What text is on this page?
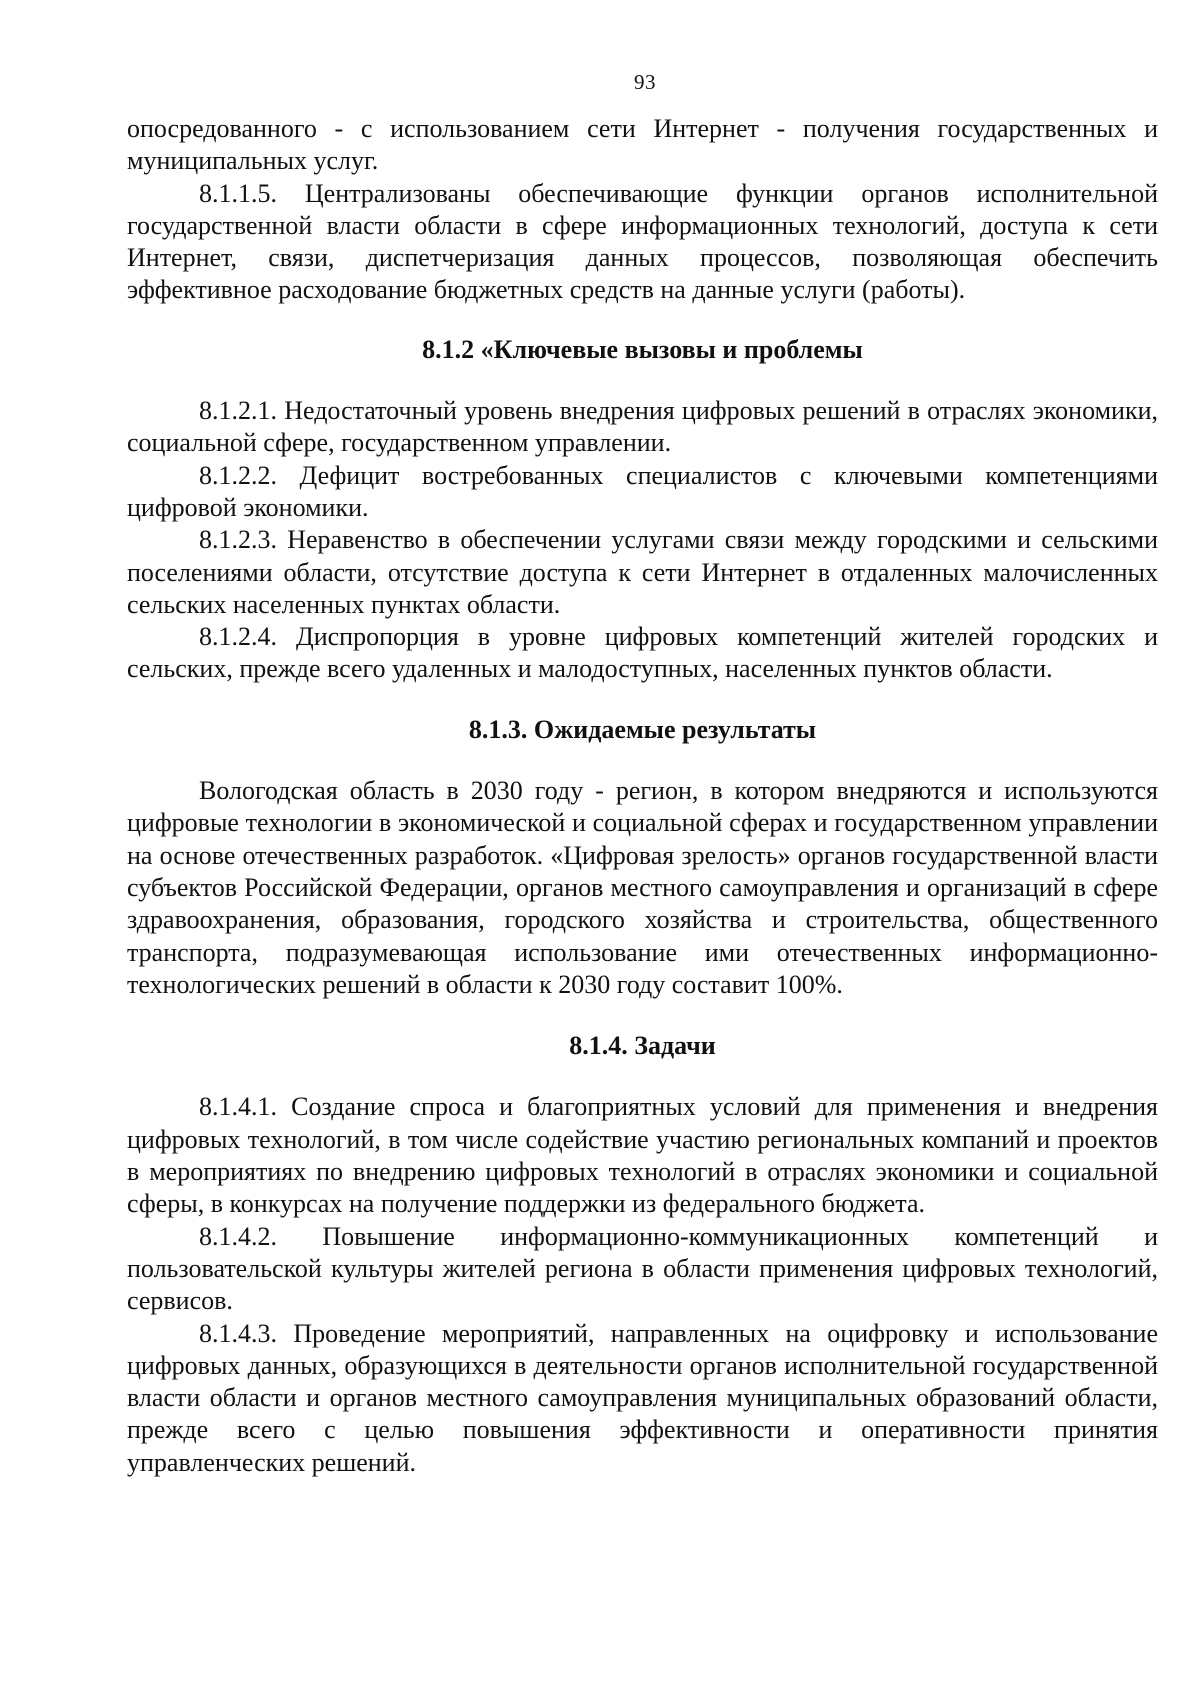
93

опосредованного - с использованием сети Интернет - получения государственных и муниципальных услуг.

8.1.1.5. Централизованы обеспечивающие функции органов исполнительной государственной власти области в сфере информационных технологий, доступа к сети Интернет, связи, диспетчеризация данных процессов, позволяющая обеспечить эффективное расходование бюджетных средств на данные услуги (работы).

8.1.2 «Ключевые вызовы и проблемы

8.1.2.1. Недостаточный уровень внедрения цифровых решений в отраслях экономики, социальной сфере, государственном управлении.

8.1.2.2. Дефицит востребованных специалистов с ключевыми компетенциями цифровой экономики.

8.1.2.3. Неравенство в обеспечении услугами связи между городскими и сельскими поселениями области, отсутствие доступа к сети Интернет в отдаленных малочисленных сельских населенных пунктах области.

8.1.2.4. Диспропорция в уровне цифровых компетенций жителей городских и сельских, прежде всего удаленных и малодоступных, населенных пунктов области.

8.1.3. Ожидаемые результаты

Вологодская область в 2030 году - регион, в котором внедряются и используются цифровые технологии в экономической и социальной сферах и государственном управлении на основе отечественных разработок. «Цифровая зрелость» органов государственной власти субъектов Российской Федерации, органов местного самоуправления и организаций в сфере здравоохранения, образования, городского хозяйства и строительства, общественного транспорта, подразумевающая использование ими отечественных информационно-технологических решений в области к 2030 году составит 100%.

8.1.4. Задачи

8.1.4.1. Создание спроса и благоприятных условий для применения и внедрения цифровых технологий, в том числе содействие участию региональных компаний и проектов в мероприятиях по внедрению цифровых технологий в отраслях экономики и социальной сферы, в конкурсах на получение поддержки из федерального бюджета.

8.1.4.2. Повышение информационно-коммуникационных компетенций и пользовательской культуры жителей региона в области применения цифровых технологий, сервисов.

8.1.4.3. Проведение мероприятий, направленных на оцифровку и использование цифровых данных, образующихся в деятельности органов исполнительной государственной власти области и органов местного самоуправления муниципальных образований области, прежде всего с целью повышения эффективности и оперативности принятия управленческих решений.
